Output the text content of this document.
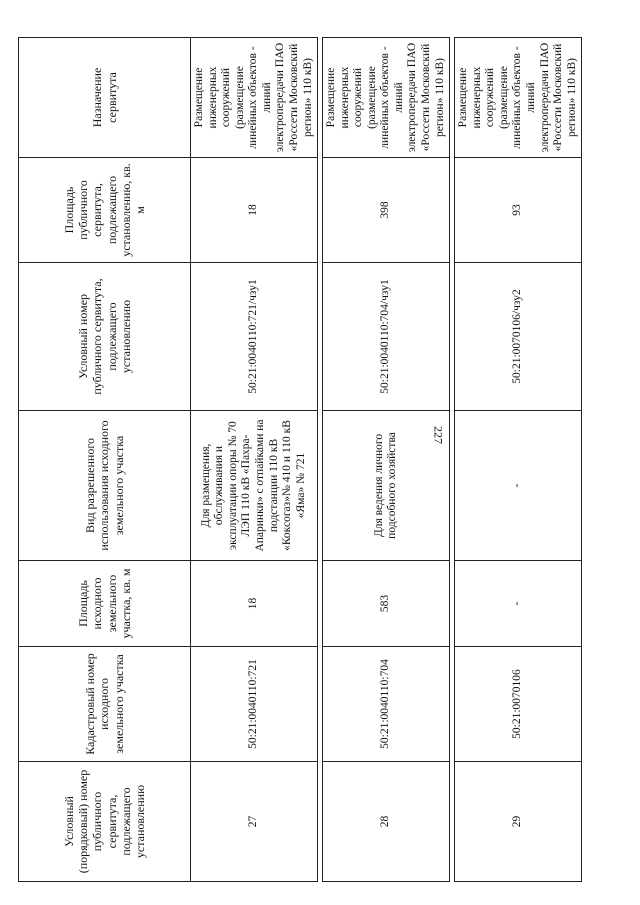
227
Условный (порядковый) номер публичного сервитута, подлежащего установлению	Кадастровый номер исходного земельного участка	Площадь исходного земельного участка, кв. м	Вид разрешенного использования исходного земельного участка	Условный номер публичного сервитута, подлежащего установлению	Площадь публичного сервитута, подлежащего установлению, кв. м	Назначение сервитута
27	50:21:0040110:721	18	Для размещения, обслуживания и эксплуатации опоры № 70 ЛЭП 110 кВ «Пахра-Апаринки» с отпайками на подстанции 110 кВ «Коксогаз»№ 410 и 110 кВ «Яма» № 721	50:21:0040110:721/чзу1	18	Размещение инженерных сооружений (размещение линейных объектов - линий электропередачи ПАО «Россети Московский регион» 110 кВ)

28	50:21:0040110:704	583	Для ведения личного подсобного хозяйства	50:21:0040110:704/чзу1	398	Размещение инженерных сооружений (размещение линейных объектов - линий электропередачи ПАО «Россети Московский регион» 110 кВ)

29	50:21:0070106	-	-	50:21:0070106/чзу2	93	Размещение инженерных сооружений (размещение линейных объектов - линий электропередачи ПАО «Россети Московский регион» 110 кВ)
